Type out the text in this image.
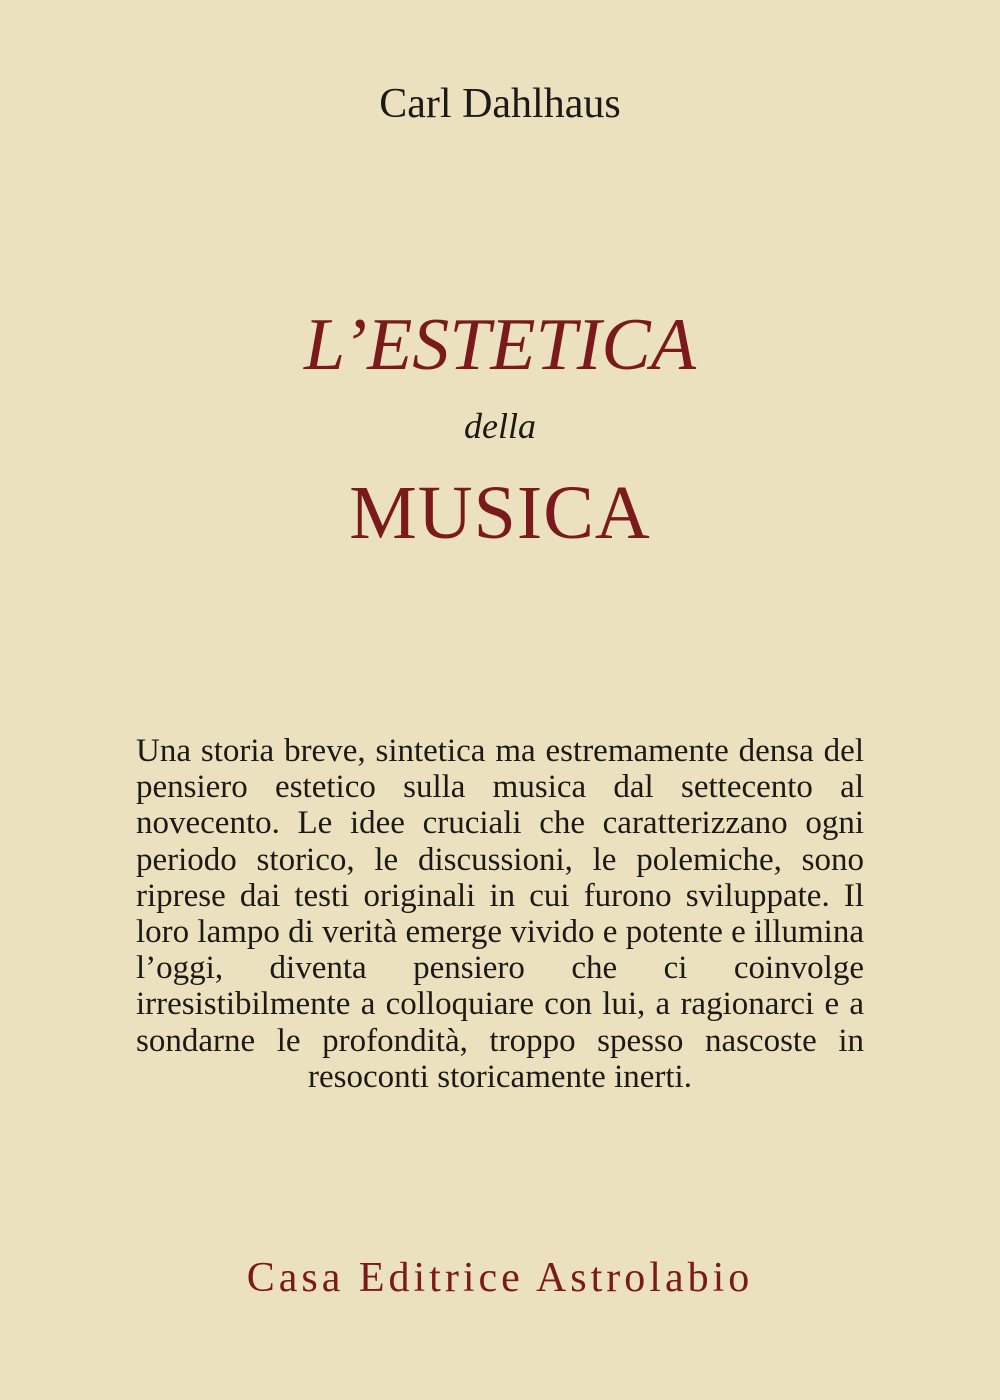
Carl Dahlhaus
L’ESTETICA
della
MUSICA
Una storia breve, sintetica ma estremamente densa del pensiero estetico sulla musica dal settecento al novecento. Le idee cruciali che caratterizzano ogni periodo storico, le discussioni, le polemiche, sono riprese dai testi originali in cui furono sviluppate. Il loro lampo di verità emerge vivido e potente e illumina l’oggi, diventa pensiero che ci coinvolge irresistibilmente a colloquiare con lui, a ragionarci e a sondarne le profondità, troppo spesso nascoste in resoconti storicamente inerti.
Casa Editrice Astrolabio
